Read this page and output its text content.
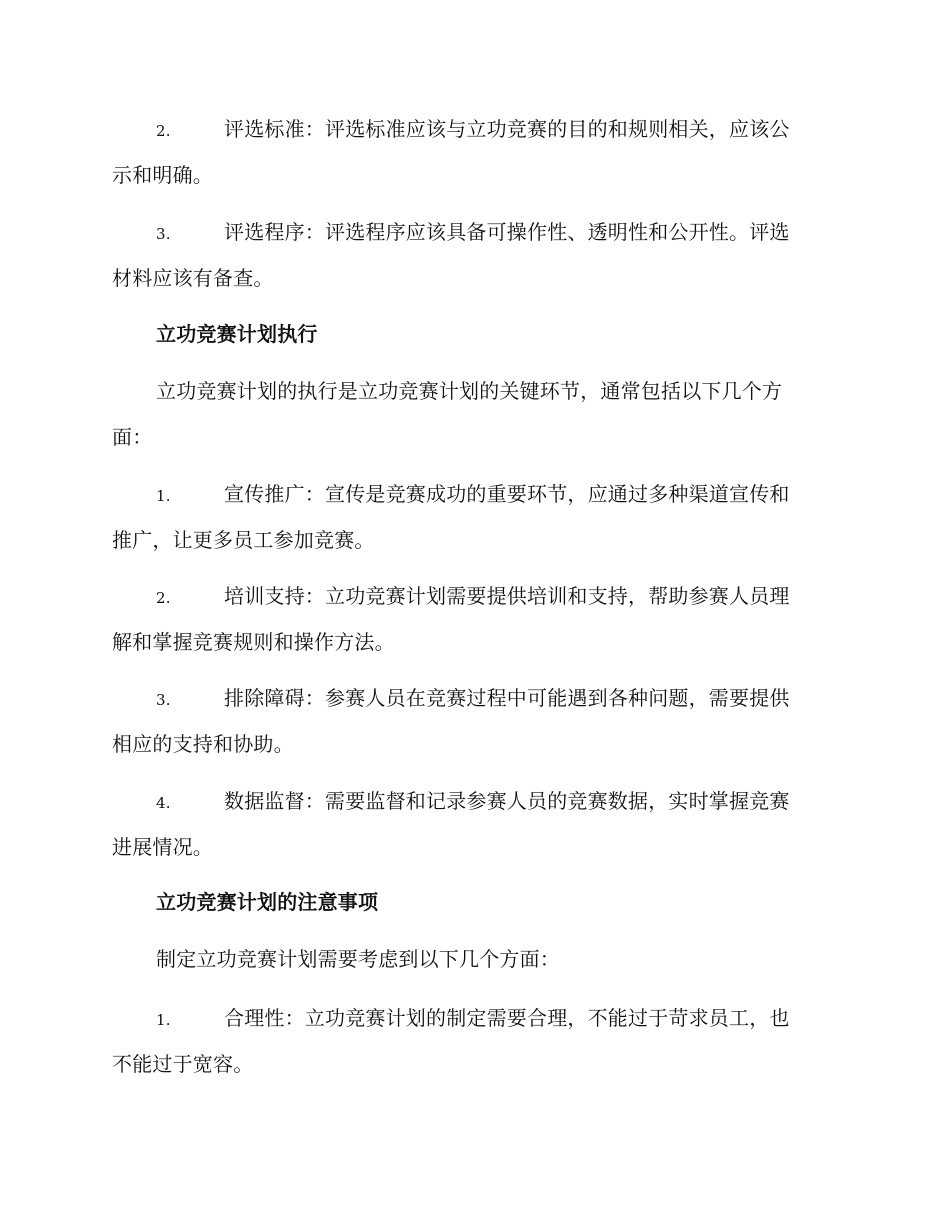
2.	评选标准：评选标准应该与立功竞赛的目的和规则相关，应该公
示和明确。
3.	评选程序：评选程序应该具备可操作性、透明性和公开性。评选
材料应该有备查。
立功竞赛计划执行
立功竞赛计划的执行是立功竞赛计划的关键环节，通常包括以下几个方
面：
1.	宣传推广：宣传是竞赛成功的重要环节，应通过多种渠道宣传和
推广，让更多员工参加竞赛。
2.	培训支持：立功竞赛计划需要提供培训和支持，帮助参赛人员理
解和掌握竞赛规则和操作方法。
3.	排除障碍：参赛人员在竞赛过程中可能遇到各种问题，需要提供
相应的支持和协助。
4.	数据监督：需要监督和记录参赛人员的竞赛数据，实时掌握竞赛
进展情况。
立功竞赛计划的注意事项
制定立功竞赛计划需要考虑到以下几个方面：
1.	合理性：立功竞赛计划的制定需要合理，不能过于苛求员工，也
不能过于宽容。
